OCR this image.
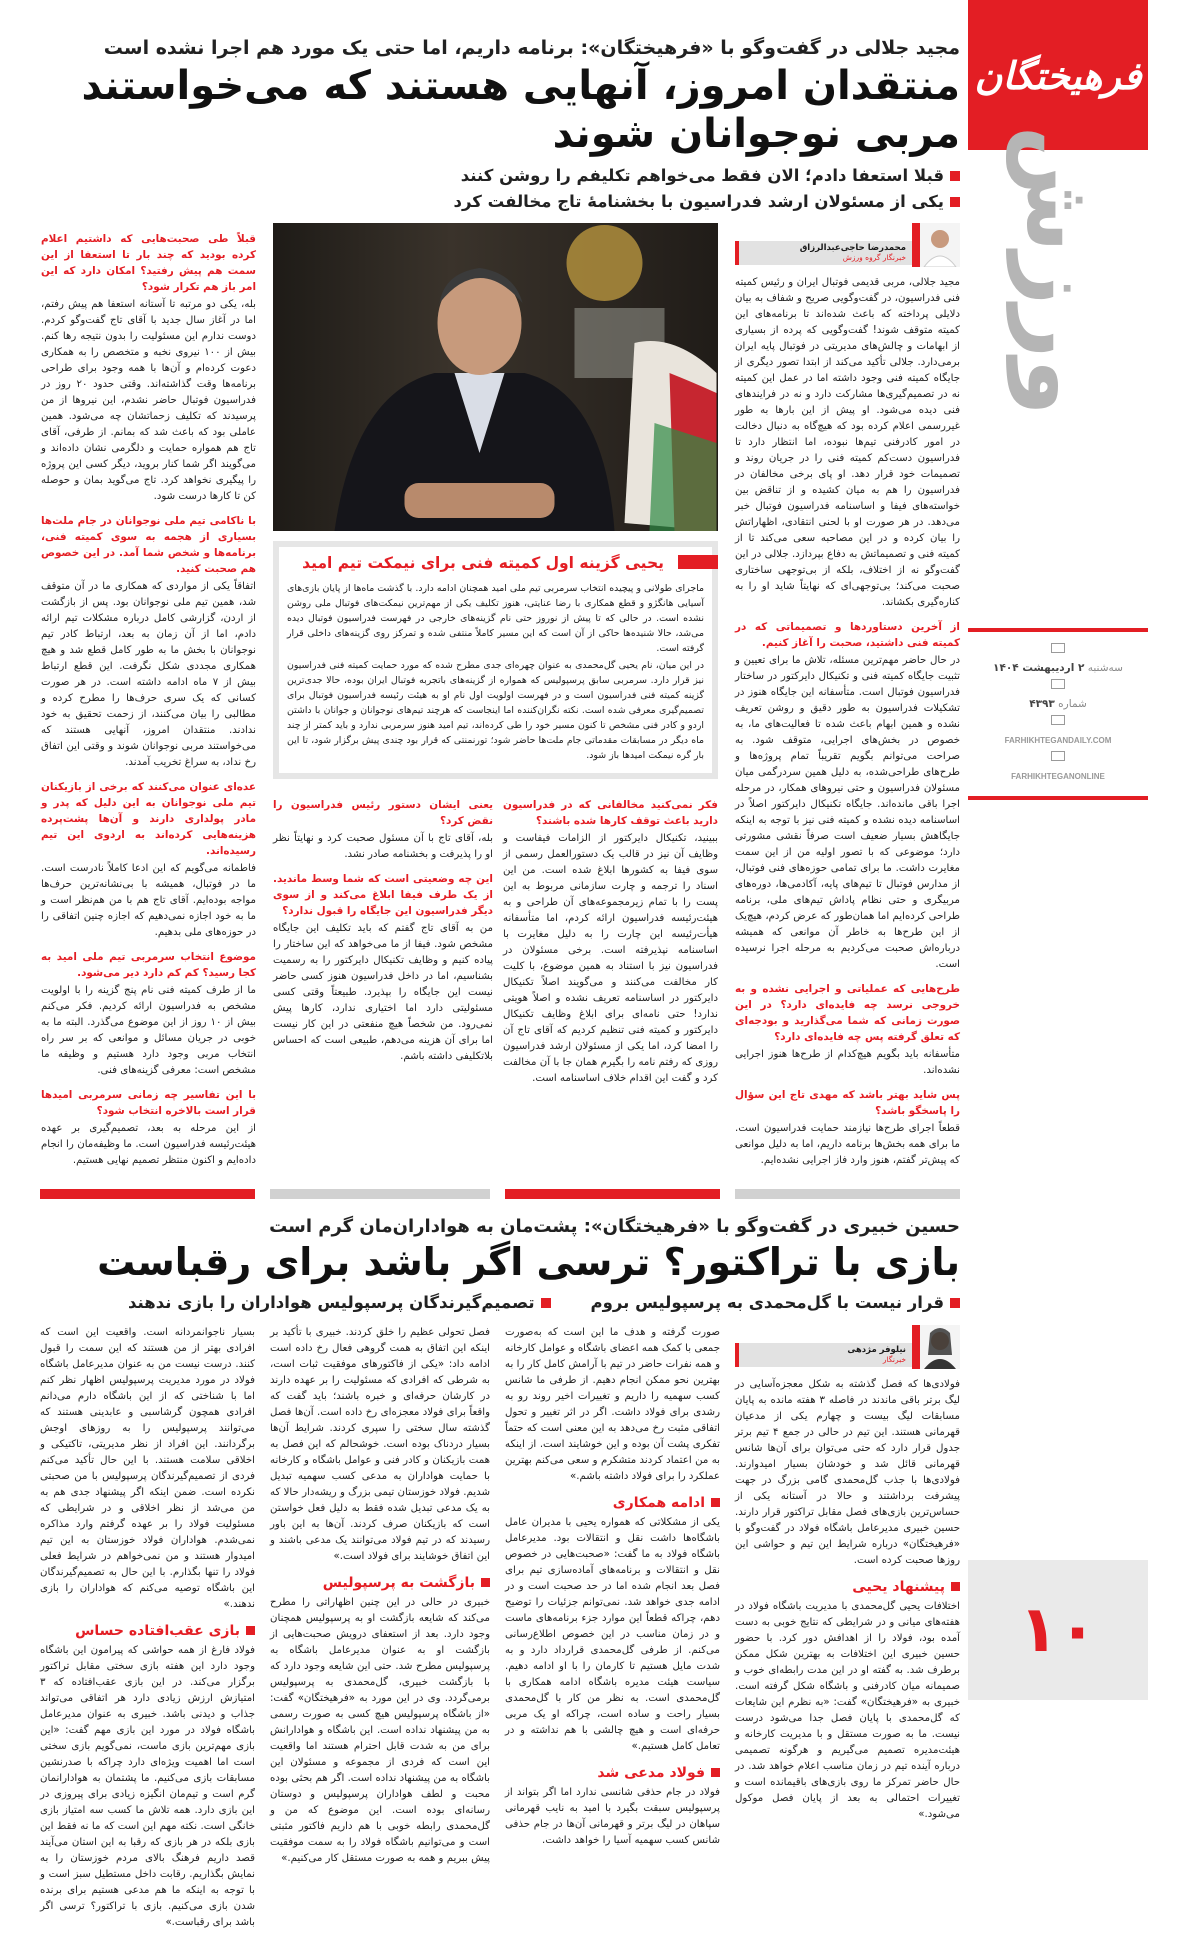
فرهیختگان
ورزش
سه‌شنبه ۲ اردیبهشت ۱۴۰۴
شماره ۴۳۹۳
FARHIKHTEGANDAILY.COM
FARHIKHTEGANONLINE
۱۰
مجید جلالی در گفت‌وگو با «فرهیختگان»: برنامه داریم، اما حتی یک مورد هم اجرا نشده است
منتقدان امروز، آنهایی هستند که می‌خواستند مربی نوجوانان شوند
قبلا استعفا دادم؛ الان فقط می‌خواهم تکلیفم را روشن کنند
یکی از مسئولان ارشد فدراسیون با بخشنامهٔ تاج مخالفت کرد
محمدرضا حاجی‌عبدالرزاق
خبرنگار گروه ورزش

مجید جلالی، مربی قدیمی فوتبال ایران و رئیس کمیته فنی فدراسیون، در گفت‌وگویی صریح و شفاف به بیان دلایلی پرداخته که باعث شده‌اند تا برنامه‌های این کمیته متوقف شوند! گفت‌وگویی که پرده از بسیاری از ابهامات و چالش‌های مدیریتی در فوتبال پایه ایران برمی‌دارد. جلالی تأکید می‌کند از ابتدا تصور دیگری از جایگاه کمیته فنی وجود داشته اما در عمل این کمیته نه در تصمیم‌گیری‌ها مشارکت دارد و نه در فرایندهای فنی دیده می‌شود. او پیش از این بارها به طور غیررسمی اعلام کرده بود که هیچ‌گاه به دنبال دخالت در امور کادرفنی تیم‌ها نبوده، اما انتظار دارد تا فدراسیون دست‌کم کمیته فنی را در جریان روند و تصمیمات خود قرار دهد. او پای برخی مخالفان در فدراسیون را هم به میان کشیده و از تناقض بین خواسته‌های فیفا و اساسنامه فدراسیون فوتبال خبر می‌دهد. در هر صورت او با لحنی انتقادی، اظهاراتش را بیان کرده و در این مصاحبه سعی می‌کند تا از کمیته فنی و تصمیماتش به دفاع بپردازد. جلالی در این گفت‌وگو نه از اختلاف، بلکه از بی‌توجهی ساختاری صحبت می‌کند؛ بی‌توجهی‌ای که نهایتاً شاید او را به کناره‌گیری بکشاند.

از آخرین دستاوردها و تصمیماتی که در کمیته فنی داشتید، صحبت را آغاز کنیم.

در حال حاضر مهم‌ترین مسئله، تلاش ما برای تعیین و تثبیت جایگاه کمیته فنی و تکنیکال دایرکتور در ساختار فدراسیون فوتبال است. متأسفانه این جایگاه هنوز در تشکیلات فدراسیون به طور دقیق و روشن تعریف نشده و همین ابهام باعث شده تا فعالیت‌های ما، به خصوص در بخش‌های اجرایی، متوقف شود. به صراحت می‌توانم بگویم تقریباً تمام پروژه‌ها و طرح‌های طراحی‌شده، به دلیل همین سردرگمی میان مسئولان فدراسیون و حتی نیروهای همکار، در مرحله اجرا باقی مانده‌اند. جایگاه تکنیکال دایرکتور اصلاً در اساسنامه دیده نشده و کمیته فنی نیز با توجه به اینکه جایگاهش بسیار ضعیف است صرفاً نقشی مشورتی دارد؛ موضوعی که با تصور اولیه من از این سمت مغایرت داشت. ما برای تمامی حوزه‌های فنی فوتبال، از مدارس فوتبال تا تیم‌های پایه، آکادمی‌ها، دوره‌های مربیگری و حتی نظام پاداش تیم‌های ملی، برنامه طراحی کرده‌ایم اما همان‌طور که عرض کردم، هیچ‌یک از این طرح‌ها به خاطر آن موانعی که همیشه درباره‌اش صحبت می‌کردیم به مرحله اجرا نرسیده است.

طرح‌هایی که عملیاتی و اجرایی نشده و به خروجی نرسد چه فایده‌ای دارد؟ در این صورت زمانی که شما می‌گذارید و بودجه‌ای که تعلق گرفته پس چه فایده‌ای دارد؟

متأسفانه باید بگویم هیچ‌کدام از طرح‌ها هنوز اجرایی نشده‌اند.

پس شاید بهتر باشد که مهدی تاج این سؤال را پاسخگو باشد؟

قطعاً اجرای طرح‌ها نیازمند حمایت فدراسیون است. ما برای همه بخش‌ها برنامه داریم، اما به دلیل موانعی که پیش‌تر گفتم، هنوز وارد فاز اجرایی نشده‌ایم.

یحیی گزینه اول کمیته فنی برای نیمکت تیم امید

ماجرای طولانی و پیچیده انتخاب سرمربی تیم ملی امید همچنان ادامه دارد. با گذشت ماه‌ها از پایان بازی‌های آسیایی هانگژو و قطع همکاری با رضا عنایتی، هنوز تکلیف یکی از مهم‌ترین نیمکت‌های فوتبال ملی روشن نشده است. در حالی که تا پیش از نوروز حتی نام گزینه‌های خارجی در فهرست فدراسیون فوتبال دیده می‌شد، حالا شنیده‌ها حاکی از آن است که این مسیر کاملاً منتفی شده و تمرکز روی گزینه‌های داخلی قرار گرفته است.

در این میان، نام یحیی گل‌محمدی به عنوان چهره‌ای جدی مطرح شده که مورد حمایت کمیته فنی فدراسیون نیز قرار دارد. سرمربی سابق پرسپولیس که همواره از گزینه‌های باتجربه فوتبال ایران بوده، حالا جدی‌ترین گزینه کمیته فنی فدراسیون است و در فهرست اولویت اول نام او به هیئت رئیسه فدراسیون فوتبال برای تصمیم‌گیری معرفی شده است. نکته نگران‌کننده اما اینجاست که هرچند تیم‌های نوجوانان و جوانان با داشتن اردو و کادر فنی مشخص تا کنون مسیر خود را طی کرده‌اند، تیم امید هنوز سرمربی ندارد و باید کمتر از چند ماه دیگر در مسابقات مقدماتی جام ملت‌ها حاضر شود؛ تورنمنتی که قرار بود چندی پیش برگزار شود، تا این بار گره نیمکت امیدها باز شود.

فکر نمی‌کنید مخالفانی که در فدراسیون دارید باعث توقف کارها شده باشند؟

ببینید، تکنیکال دایرکتور از الزامات فیفاست و وظایف آن نیز در قالب یک دستورالعمل رسمی از سوی فیفا به کشورها ابلاغ شده است. من این اسناد را ترجمه و چارت سازمانی مربوط به این پست را با تمام زیرمجموعه‌های آن طراحی و به هیئت‌رئیسه فدراسیون ارائه کردم، اما متأسفانه هیأت‌رئیسه این چارت را به دلیل مغایرت با اساسنامه نپذیرفته است. برخی مسئولان در فدراسیون نیز با استناد به همین موضوع، با کلیت کار مخالفت می‌کنند و می‌گویند اصلاً تکنیکال دایرکتور در اساسنامه تعریف نشده و اصلاً هویتی ندارد! حتی نامه‌ای برای ابلاغ وظایف تکنیکال دایرکتور و کمیته فنی تنظیم کردیم که آقای تاج آن را امضا کرد، اما یکی از مسئولان ارشد فدراسیون روزی که رفتم نامه را بگیرم همان جا با آن مخالفت کرد و گفت این اقدام خلاف اساسنامه است.

یعنی ایشان دستور رئیس فدراسیون را نقض کرد؟

بله، آقای تاج با آن مسئول صحبت کرد و نهایتاً نظر او را پذیرفت و بخشنامه صادر نشد.

این چه وضعیتی است که شما وسط ماندید. از یک طرف فیفا ابلاغ می‌کند و از سوی دیگر فدراسیون این جایگاه را قبول ندارد؟

من به آقای تاج گفتم که باید تکلیف این جایگاه مشخص شود. فیفا از ما می‌خواهد که این ساختار را پیاده کنیم و وظایف تکنیکال دایرکتور را به رسمیت بشناسیم، اما در داخل فدراسیون هنوز کسی حاضر نیست این جایگاه را بپذیرد. طبیعتاً وقتی کسی مسئولیتی دارد اما اختیاری ندارد، کارها پیش نمی‌رود. من شخصاً هیچ منفعتی در این کار نیست اما برای آن هزینه می‌دهم، طبیعی است که احساس بلاتکلیفی داشته باشم.

قبلاً طی صحبت‌هایی که داشتیم اعلام کرده بودید که چند بار تا استعفا از این سمت هم پیش رفتید؟ امکان دارد که این امر باز هم تکرار شود؟

بله، یکی دو مرتبه تا آستانه استعفا هم پیش رفتم، اما در آغاز سال جدید با آقای تاج گفت‌وگو کردم. دوست ندارم این مسئولیت را بدون نتیجه رها کنم. بیش از ۱۰۰ نیروی نخبه و متخصص را به همکاری دعوت کرده‌ام و آن‌ها با همه وجود برای طراحی برنامه‌ها وقت گذاشته‌اند. وقتی حدود ۲۰ روز در فدراسیون فوتبال حاضر نشدم، این نیروها از من پرسیدند که تکلیف زحماتشان چه می‌شود. همین عاملی بود که باعث شد که بمانم. از طرفی، آقای تاج هم همواره حمایت و دلگرمی نشان داده‌اند و می‌گویند اگر شما کنار بروید، دیگر کسی این پروژه را پیگیری نخواهد کرد. تاج می‌گوید بمان و حوصله کن تا کارها درست شود.

با ناکامی تیم ملی نوجوانان در جام ملت‌ها بسیاری از هجمه به سوی کمیته فنی، برنامه‌ها و شخص شما آمد. در این خصوص هم صحبت کنید.

اتفاقاً یکی از مواردی که همکاری ما در آن متوقف شد، همین تیم ملی نوجوانان بود. پس از بازگشت از اردن، گزارشی کامل درباره مشکلات تیم ارائه دادم، اما از آن زمان به بعد، ارتباط کادر تیم نوجوانان با بخش ما به طور کامل قطع شد و هیچ همکاری مجددی شکل نگرفت. این قطع ارتباط بیش از ۷ ماه ادامه داشته است. در هر صورت کسانی که یک سری حرف‌ها را مطرح کرده و مطالبی را بیان می‌کنند، از زحمت تحقیق به خود ندادند. منتقدان امروز، آنهایی هستند که می‌خواستند مربی نوجوانان شوند و وقتی این اتفاق رخ نداد، به سراغ تخریب آمدند.

عده‌ای عنوان می‌کنند که برخی از بازیکنان تیم ملی نوجوانان به این دلیل که پدر و مادر پولداری دارند و آن‌ها پشت‌پرده هزینه‌هایی کرده‌اند به اردوی این تیم رسیده‌اند.

فاطمانه می‌گویم که این ادعا کاملاً نادرست است. ما در فوتبال، همیشه با بی‌نشانه‌ترین حرف‌ها مواجه بوده‌ایم. آقای تاج هم با من هم‌نظر است و ما به خود اجازه نمی‌دهیم که اجازه چنین اتفاقی را در حوزه‌های ملی بدهیم.

موضوع انتخاب سرمربی تیم ملی امید به کجا رسید؟ کم کم دارد دیر می‌شود.

ما از طرف کمیته فنی نام پنج گزینه را با اولویت مشخص به فدراسیون ارائه کردیم. فکر می‌کنم بیش از ۱۰ روز از این موضوع می‌گذرد. البته ما به خوبی در جریان مسائل و موانعی که بر سر راه انتخاب مربی وجود دارد هستیم و وظیفه ما مشخص است: معرفی گزینه‌های فنی.

با این تفاسیر چه زمانی سرمربی امیدها قرار است بالاخره انتخاب شود؟

از این مرحله به بعد، تصمیم‌گیری بر عهده هیئت‌رئیسه فدراسیون است. ما وظیفه‌مان را انجام داده‌ایم و اکنون منتظر تصمیم نهایی هستیم.

حسین خبیری در گفت‌وگو با «فرهیختگان»: پشت‌مان به هواداران‌مان گرم است
بازی با تراکتور؟ ترسی اگر باشد برای رقباست
قرار نیست با گل‌محمدی به پرسپولیس بروم
تصمیم‌گیرندگان پرسپولیس هواداران را بازی ندهند
نیلوفر مژدهی
خبرنگار

فولادی‌ها که فصل گذشته به شکل معجزه‌آسایی در لیگ برتر باقی ماندند در فاصله ۳ هفته مانده به پایان مسابقات لیگ بیست و چهارم یکی از مدعیان قهرمانی هستند. این تیم در حالی در جمع ۴ تیم برتر جدول قرار دارد که حتی می‌توان برای آن‌ها شانس قهرمانی قائل شد و خودشان بسیار امیدوارند. فولادی‌ها با جذب گل‌محمدی گامی بزرگ در جهت پیشرفت برداشتند و حالا در آستانه یکی از حساس‌ترین بازی‌های فصل مقابل تراکتور قرار دارند. حسین خبیری مدیرعامل باشگاه فولاد در گفت‌وگو با «فرهیختگان» درباره شرایط این تیم و حواشی این روزها صحبت کرده است.

پیشنهاد یحیی

اختلافات یحیی گل‌محمدی با مدیریت باشگاه فولاد در هفته‌های میانی و در شرایطی که نتایج خوبی به دست آمده بود، فولاد را از اهدافش دور کرد. با حضور حسین خبیری این اختلافات به بهترین شکل ممکن برطرف شد. به گفته او در این مدت رابطه‌ای خوب و صمیمانه میان کادرفنی و باشگاه شکل گرفته است. خبیری به «فرهیختگان» گفت: «به نظرم این شایعات که گل‌محمدی با پایان فصل جدا می‌شود درست نیست. ما به صورت مستقل و با مدیریت کارخانه و هیئت‌مدیره تصمیم می‌گیریم و هرگونه تصمیمی درباره آینده تیم در زمان مناسب اعلام خواهد شد. در حال حاضر تمرکز ما روی بازی‌های باقیمانده است و تغییرات احتمالی به بعد از پایان فصل موکول می‌شود.»

صورت گرفته و هدف ما این است که به‌صورت جمعی با کمک همه اعضای باشگاه و عوامل کارخانه و همه نفرات حاضر در تیم با آرامش کامل کار را به بهترین نحو ممکن انجام دهیم. از طرفی ما شانس کسب سهمیه را داریم و تغییرات اخیر روند رو به رشدی برای فولاد داشت. اگر در اثر تغییر و تحول اتفاقی مثبت رخ می‌دهد به این معنی است که حتماً تفکری پشت آن بوده و این خوشایند است. از اینکه به من اعتماد کردند متشکرم و سعی می‌کنم بهترین عملکرد را برای فولاد داشته باشم.»

ادامه همکاری

یکی از مشکلاتی که همواره یحیی با مدیران عامل باشگاه‌ها داشت نقل و انتقالات بود. مدیرعامل باشگاه فولاد به ما گفت: «صحبت‌هایی در خصوص نقل و انتقالات و برنامه‌های آماده‌سازی تیم برای فصل بعد انجام شده اما در حد صحبت است و در ادامه جدی خواهد شد. نمی‌توانم جزئیات را توضیح دهم، چراکه قطعاً این موارد جزء برنامه‌های ماست و در زمان مناسب در این خصوص اطلاع‌رسانی می‌کنم. از طرفی گل‌محمدی قرارداد دارد و به شدت مایل هستیم تا کارمان را با او ادامه دهیم. سیاست هیئت مدیره باشگاه ادامه همکاری با گل‌محمدی است. به نظر من کار با گل‌محمدی بسیار راحت و ساده است، چراکه او یک مربی حرفه‌ای است و هیچ چالشی با هم نداشته و در تعامل کامل هستیم.»

فولاد مدعی شد

فولاد در جام حذفی شانسی ندارد اما اگر بتواند از پرسپولیس سبقت بگیرد با امید به نایب قهرمانی سپاهان در لیگ برتر و قهرمانی آن‌ها در جام حذفی شانس کسب سهمیه آسیا را خواهد داشت.

فصل تحولی عظیم را خلق کردند. خبیری با تأکید بر اینکه این اتفاق به همت گروهی فعال رخ داده است ادامه داد: «یکی از فاکتورهای موفقیت ثبات است، به شرطی که افرادی که مسئولیت را بر عهده دارند در کارشان حرفه‌ای و خبره باشند؛ باید گفت که واقعاً برای فولاد معجزه‌ای رخ داده است. آن‌ها فصل گذشته سال سختی را سپری کردند. شرایط آن‌ها بسیار دردناک بوده است. خوشحالم که این فصل به همت بازیکنان و کادر فنی و عوامل باشگاه و کارخانه با حمایت هواداران به مدعی کسب سهمیه تبدیل شدیم. فولاد خوزستان تیمی بزرگ و ریشه‌دار حالا که به یک مدعی تبدیل شده فقط به دلیل فعل خواستن است که بازیکنان صرف کردند. آن‌ها به این باور رسیدند که در تیم فولاد می‌توانند یک مدعی باشند و این اتفاق خوشایند برای فولاد است.»

بازگشت به پرسپولیس

خبیری در حالی در این چنین اظهاراتی را مطرح می‌کند که شایعه بازگشت او به پرسپولیس همچنان وجود دارد. بعد از استعفای درویش صحبت‌هایی از بازگشت او به عنوان مدیرعامل باشگاه به پرسپولیس مطرح شد. حتی این شایعه وجود دارد که با بازگشت خبیری، گل‌محمدی به پرسپولیس برمی‌گردد. وی در این مورد به «فرهیختگان» گفت: «از باشگاه پرسپولیس هیچ کسی به صورت رسمی به من پیشنهاد نداده است. این باشگاه و هوادارانش برای من به شدت قابل احترام هستند اما واقعیت این است که فردی از مجموعه و مسئولان این باشگاه به من پیشنهاد نداده است. اگر هم بحثی بوده محبت و لطف هواداران پرسپولیس و دوستان رسانه‌ای بوده است. این موضوع که من و گل‌محمدی رابطه خوبی با هم داریم فاکتور مثبتی است و می‌توانیم باشگاه فولاد را به سمت موفقیت پیش ببریم و همه به صورت مستقل کار می‌کنیم.»

بسیار ناجوانمردانه است. واقعیت این است که افرادی بهتر از من هستند که این سمت را قبول کنند. درست نیست من به عنوان مدیرعامل باشگاه فولاد در مورد مدیریت پرسپولیس اظهار نظر کنم اما با شناختی که از این باشگاه دارم می‌دانم افرادی همچون گرشاسبی و عابدینی هستند که می‌توانند پرسپولیس را به روزهای اوجش برگردانند. این افراد از نظر مدیریتی، تاکتیکی و اخلاقی سلامت هستند. با این حال تأکید می‌کنم فردی از تصمیم‌گیرندگان پرسپولیس با من صحبتی نکرده است. ضمن اینکه اگر پیشنهاد جدی هم به من می‌شد از نظر اخلاقی و در شرایطی که مسئولیت فولاد را بر عهده گرفتم وارد مذاکره نمی‌شدم. هواداران فولاد خوزستان به این تیم امیدوار هستند و من نمی‌خواهم در شرایط فعلی فولاد را تنها بگذارم. با این حال به تصمیم‌گیرندگان این باشگاه توصیه می‌کنم که هواداران را بازی ندهند.»

بازی عقب‌افتاده حساس

فولاد فارغ از همه حواشی که پیرامون این باشگاه وجود دارد این هفته بازی سختی مقابل تراکتور برگزار می‌کند. در این بازی عقب‌افتاده که ۳ امتیازش ارزش زیادی دارد هر اتفاقی می‌تواند جذاب و دیدنی باشد. خبیری به عنوان مدیرعامل باشگاه فولاد در مورد این بازی مهم گفت: «این بازی مهم‌ترین بازی ماست، نمی‌گویم بازی سختی است اما اهمیت ویژه‌ای دارد چراکه با صدرنشین مسابقات بازی می‌کنیم. ما پشتمان به هوادارانمان گرم است و تیم‌مان انگیزه زیادی برای پیروزی در این بازی دارد. همه تلاش ما کسب سه امتیاز بازی خانگی است. نکته مهم این است که ما نه فقط این بازی بلکه در هر بازی که رقبا به این استان می‌آیند قصد داریم فرهنگ بالای مردم خوزستان را به نمایش بگذاریم. رقابت داخل مستطیل سبز است و با توجه به اینکه ما هم مدعی هستیم برای برنده شدن بازی می‌کنیم. بازی با تراکتور؟ ترسی اگر باشد برای رقباست.»
